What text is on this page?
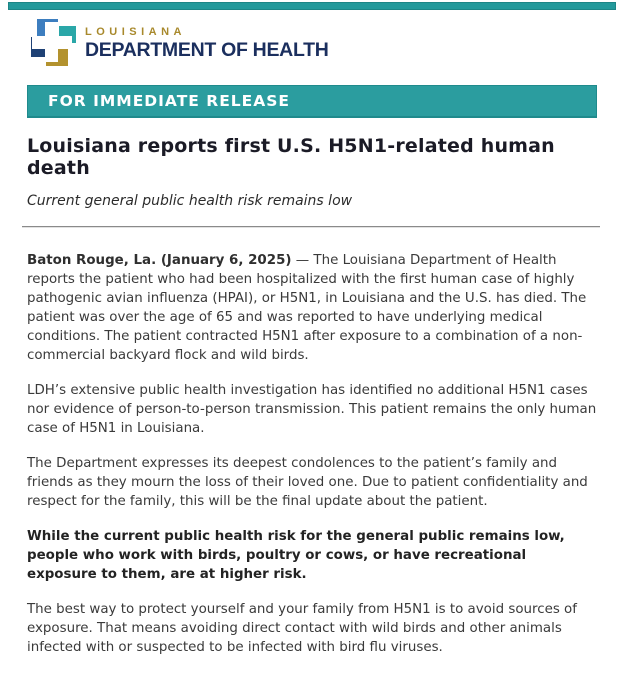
LOUISIANA
DEPARTMENT OF HEALTH
FOR IMMEDIATE RELEASE
Louisiana reports first U.S. H5N1-related human death
Current general public health risk remains low

Baton Rouge, La. (January 6, 2025) — The Louisiana Department of Health reports the patient who had been hospitalized with the first human case of highly pathogenic avian influenza (HPAI), or H5N1, in Louisiana and the U.S. has died. The patient was over the age of 65 and was reported to have underlying medical conditions. The patient contracted H5N1 after exposure to a combination of a non-commercial backyard flock and wild birds.

LDH’s extensive public health investigation has identified no additional H5N1 cases nor evidence of person-to-person transmission. This patient remains the only human case of H5N1 in Louisiana.

The Department expresses its deepest condolences to the patient’s family and friends as they mourn the loss of their loved one. Due to patient confidentiality and respect for the family, this will be the final update about the patient.

While the current public health risk for the general public remains low, people who work with birds, poultry or cows, or have recreational exposure to them, are at higher risk.

The best way to protect yourself and your family from H5N1 is to avoid sources of exposure. That means avoiding direct contact with wild birds and other animals infected with or suspected to be infected with bird flu viruses.
